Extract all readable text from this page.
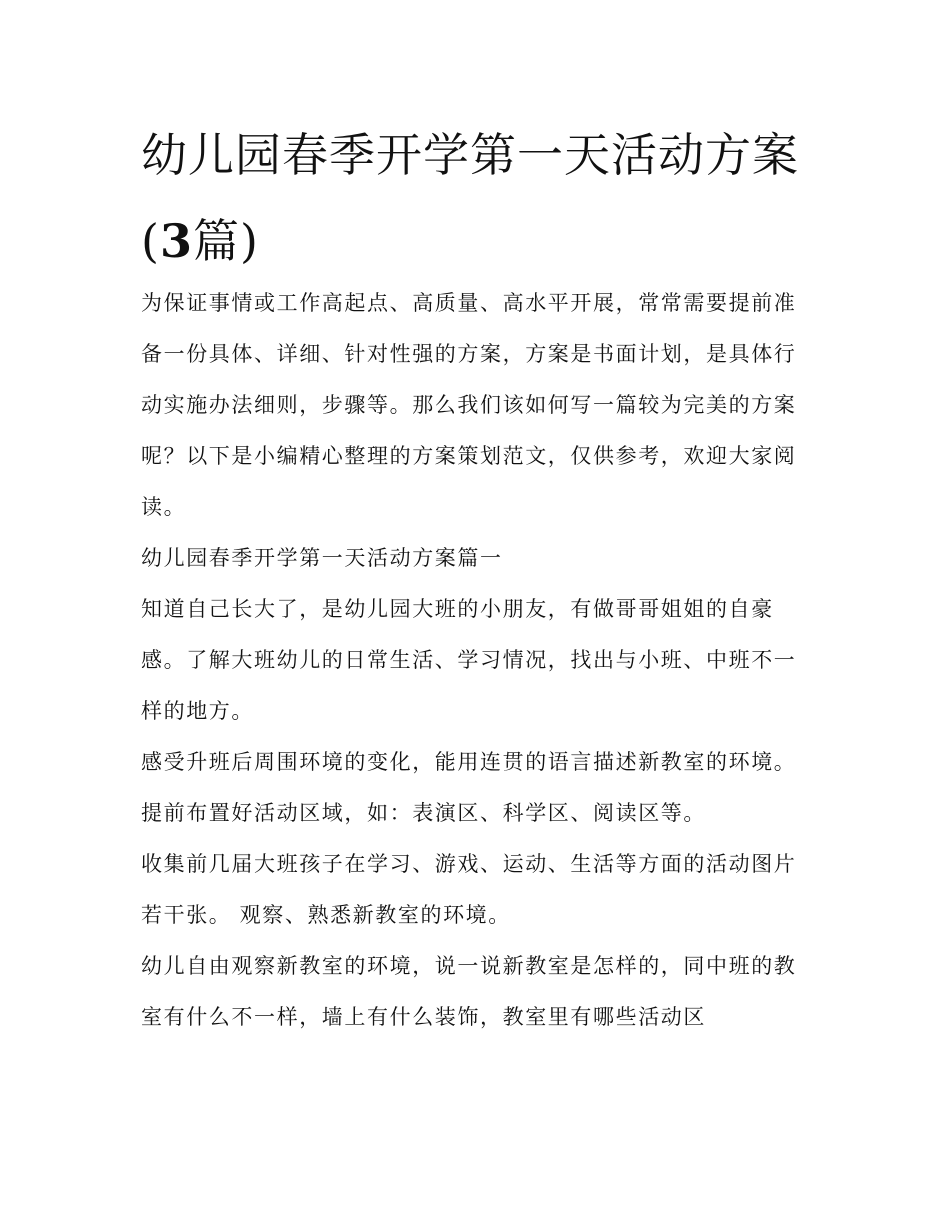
幼儿园春季开学第一天活动方案(3篇)

为保证事情或工作高起点、高质量、高水平开展，常常需要提前准备一份具体、详细、针对性强的方案，方案是书面计划，是具体行动实施办法细则，步骤等。那么我们该如何写一篇较为完美的方案呢？以下是小编精心整理的方案策划范文，仅供参考，欢迎大家阅读。

幼儿园春季开学第一天活动方案篇一

知道自己长大了，是幼儿园大班的小朋友，有做哥哥姐姐的自豪感。了解大班幼儿的日常生活、学习情况，找出与小班、中班不一样的地方。

感受升班后周围环境的变化，能用连贯的语言描述新教室的环境。 提前布置好活动区域，如：表演区、科学区、阅读区等。

收集前几届大班孩子在学习、游戏、运动、生活等方面的活动图片若干张。 观察、熟悉新教室的环境。

幼儿自由观察新教室的环境，说一说新教室是怎样的，同中班的教室有什么不一样，墙上有什么装饰，教室里有哪些活动区
